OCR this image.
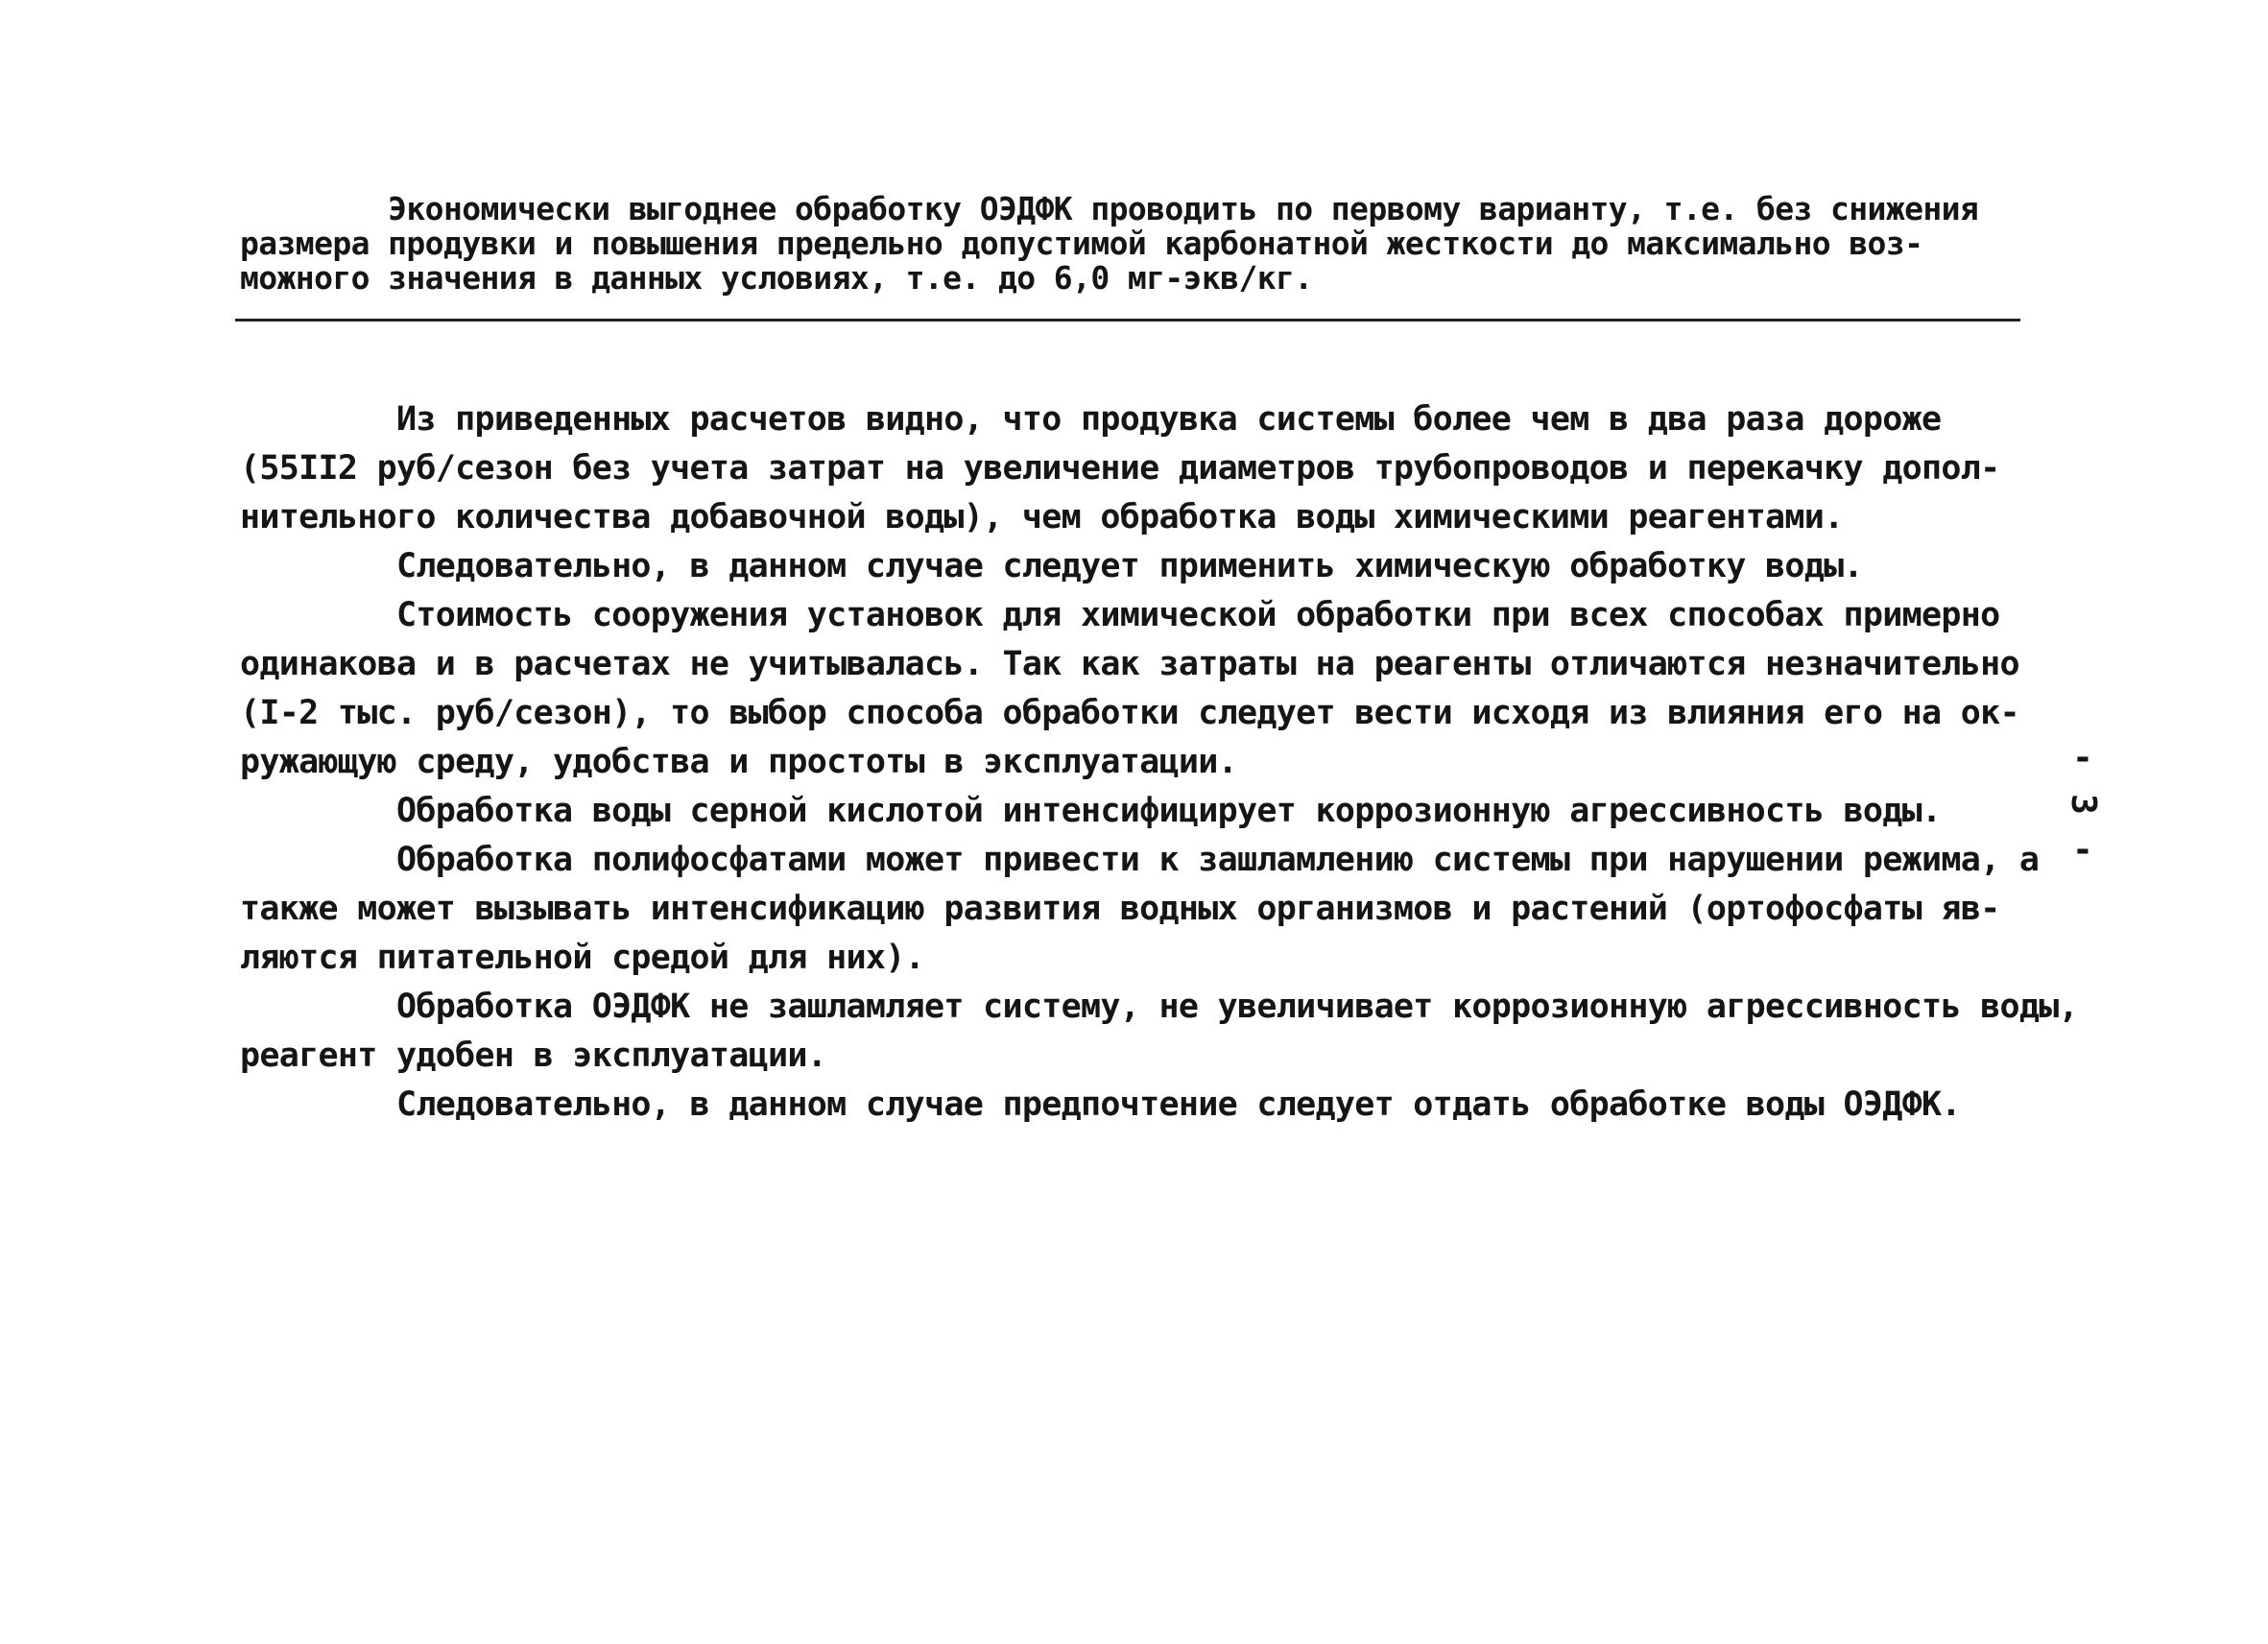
Экономически выгоднее обработку ОЭДФК проводить по первому варианту, т.е. без снижения
размера продувки и повышения предельно допустимой карбонатной жесткости до максимально воз-
можного значения в данных условиях, т.е. до 6,0 мг-экв/кг.
Из приведенных расчетов видно, что продувка системы более чем в два раза дороже
(55II2 руб/сезон без учета затрат на увеличение диаметров трубопроводов и перекачку допол-
нительного количества добавочной воды), чем обработка воды химическими реагентами.
Следовательно, в данном случае следует применить химическую обработку воды.
Стоимость сооружения установок для химической обработки при всех способах примерно
одинакова и в расчетах не учитывалась. Так как затраты на реагенты отличаются незначительно
(I-2 тыс. руб/сезон), то выбор способа обработки следует вести исходя из влияния его на ок-
ружающую среду, удобства и простоты в эксплуатации.
Обработка воды серной кислотой интенсифицирует коррозионную агрессивность воды.
Обработка полифосфатами может привести к зашламлению системы при нарушении режима, а
также может вызывать интенсификацию развития водных организмов и растений (ортофосфаты яв-
ляются питательной средой для них).
Обработка ОЭДФК не зашламляет систему, не увеличивает коррозионную агрессивность воды,
реагент удобен в эксплуатации.
Следовательно, в данном случае предпочтение следует отдать обработке воды ОЭДФК.
-
3
-
